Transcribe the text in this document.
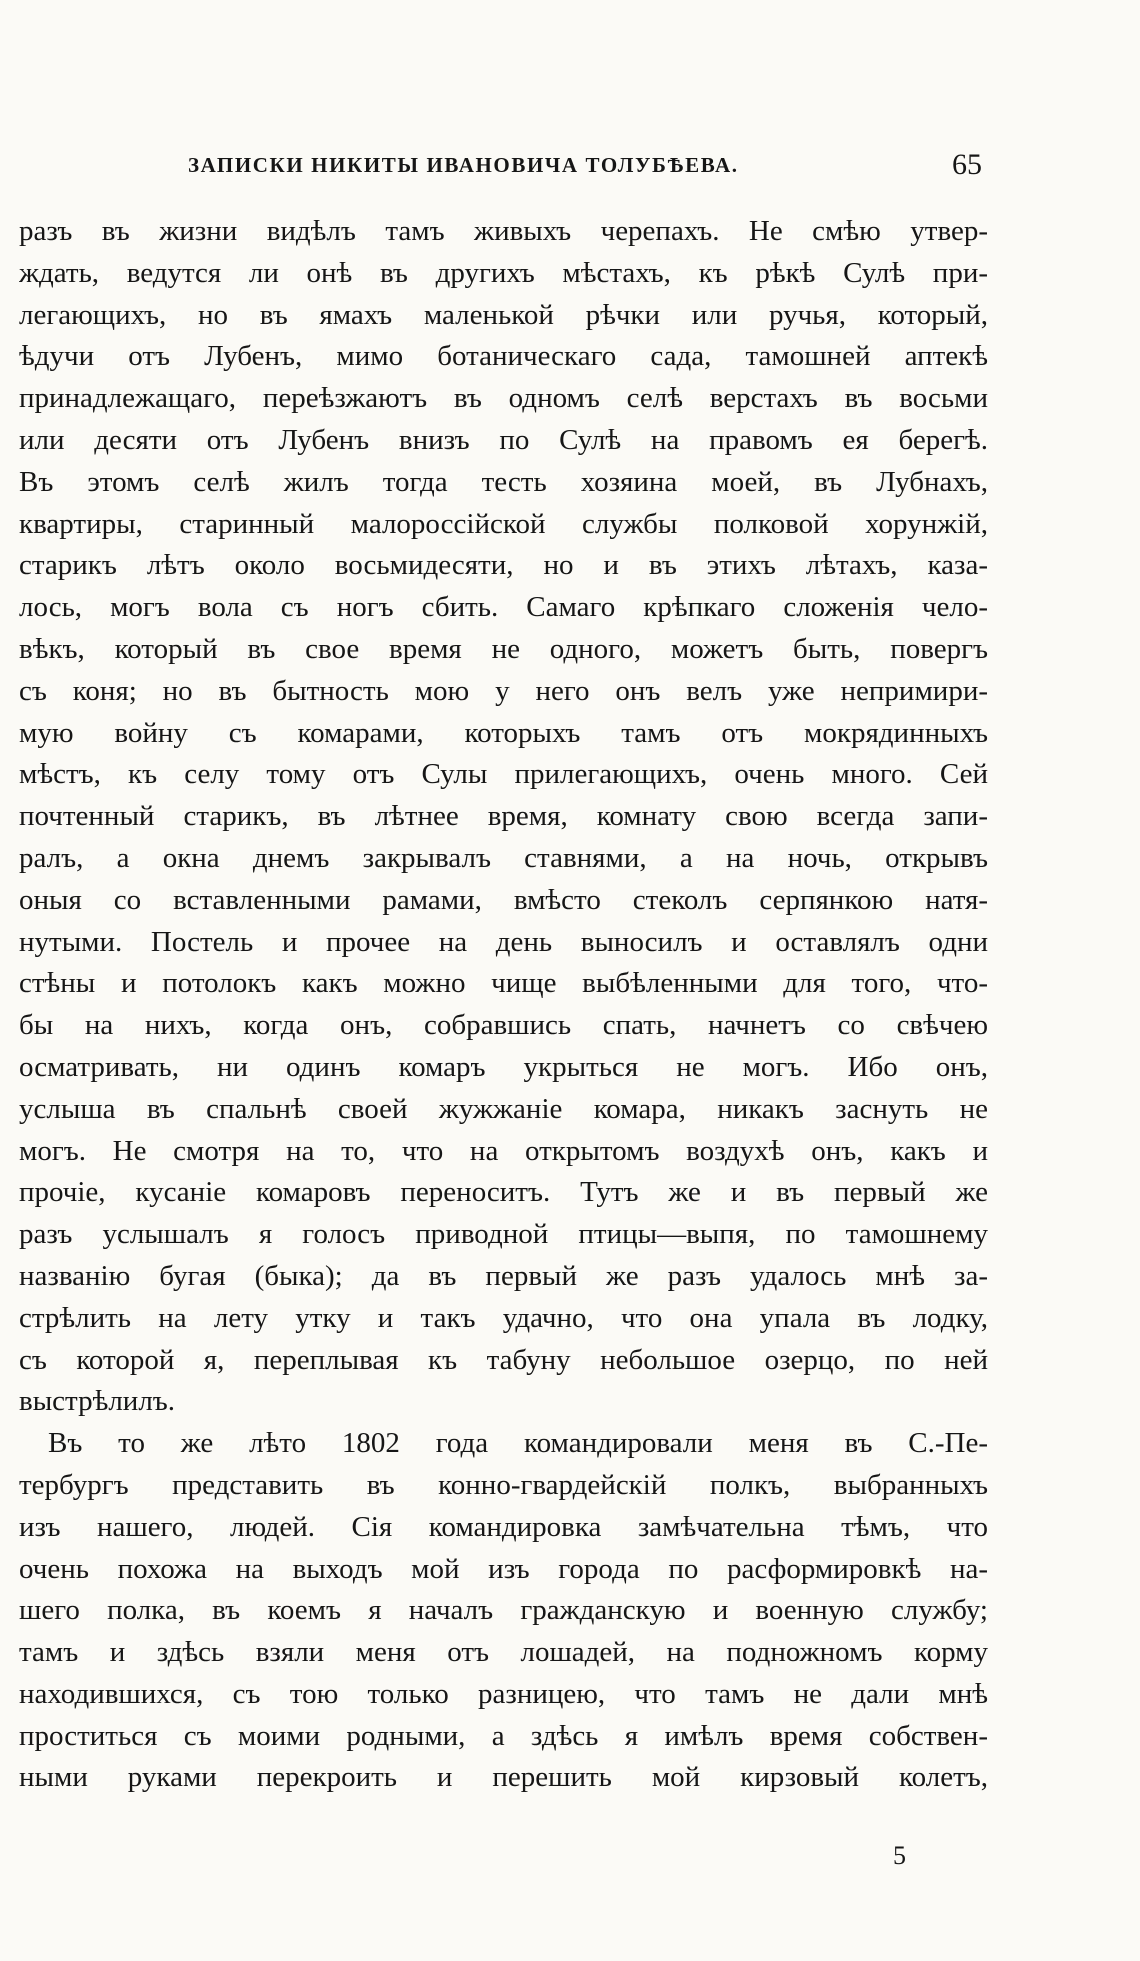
ЗАПИСКИ НИКИТЫ ИВАНОВИЧА ТОЛУБѢЕВА.	65
разъ въ жизни видѣлъ тамъ живыхъ черепахъ. Не смѣю утвер-
ждать, ведутся ли онѣ въ другихъ мѣстахъ, къ рѣкѣ Сулѣ при-
легающихъ, но въ ямахъ маленькой рѣчки или ручья, который,
ѣдучи отъ Лубенъ, мимо ботаническаго сада, тамошней аптекѣ
принадлежащаго, переѣзжаютъ въ одномъ селѣ верстахъ въ восьми
или десяти отъ Лубенъ внизъ по Сулѣ на правомъ ея берегѣ.
Въ этомъ селѣ жилъ тогда тесть хозяина моей, въ Лубнахъ,
квартиры, старинный малороссійской службы полковой хорунжій,
старикъ лѣтъ около восьмидесяти, но и въ этихъ лѣтахъ, каза-
лось, могъ вола съ ногъ сбить. Самаго крѣпкаго сложенія чело-
вѣкъ, который въ свое время не одного, можетъ быть, повергъ
съ коня; но въ бытность мою у него онъ велъ уже непримири-
мую войну съ комарами, которыхъ тамъ отъ мокрядинныхъ
мѣстъ, къ селу тому отъ Сулы прилегающихъ, очень много. Сей
почтенный старикъ, въ лѣтнее время, комнату свою всегда запи-
ралъ, а окна днемъ закрывалъ ставнями, а на ночь, открывъ
оныя со вставленными рамами, вмѣсто стеколъ серпянкою натя-
нутыми. Постель и прочее на день выносилъ и оставлялъ одни
стѣны и потолокъ какъ можно чище выбѣленными для того, что-
бы на нихъ, когда онъ, собравшись спать, начнетъ со свѣчею
осматривать, ни одинъ комаръ укрыться не могъ. Ибо онъ,
услыша въ спальнѣ своей жужжаніе комара, никакъ заснуть не
могъ. Не смотря на то, что на открытомъ воздухѣ онъ, какъ и
прочіе, кусаніе комаровъ переноситъ. Тутъ же и въ первый же
разъ услышалъ я голосъ приводной птицы—выпя, по тамошнему
названію бугая (быка); да въ первый же разъ удалось мнѣ за-
стрѣлить на лету утку и такъ удачно, что она упала въ лодку,
съ которой я, переплывая къ табуну небольшое озерцо, по ней
выстрѣлилъ.
Въ то же лѣто 1802 года командировали меня въ С.-Пе-
тербургъ представить въ конно-гвардейскій полкъ, выбранныхъ
изъ нашего, людей. Сія командировка замѣчательна тѣмъ, что
очень похожа на выходъ мой изъ города по расформировкѣ на-
шего полка, въ коемъ я началъ гражданскую и военную службу;
тамъ и здѣсь взяли меня отъ лошадей, на подножномъ корму
находившихся, съ тою только разницею, что тамъ не дали мнѣ
проститься съ моими родными, а здѣсь я имѣлъ время собствен-
ными руками перекроить и перешить мой кирзовый колетъ,
5
